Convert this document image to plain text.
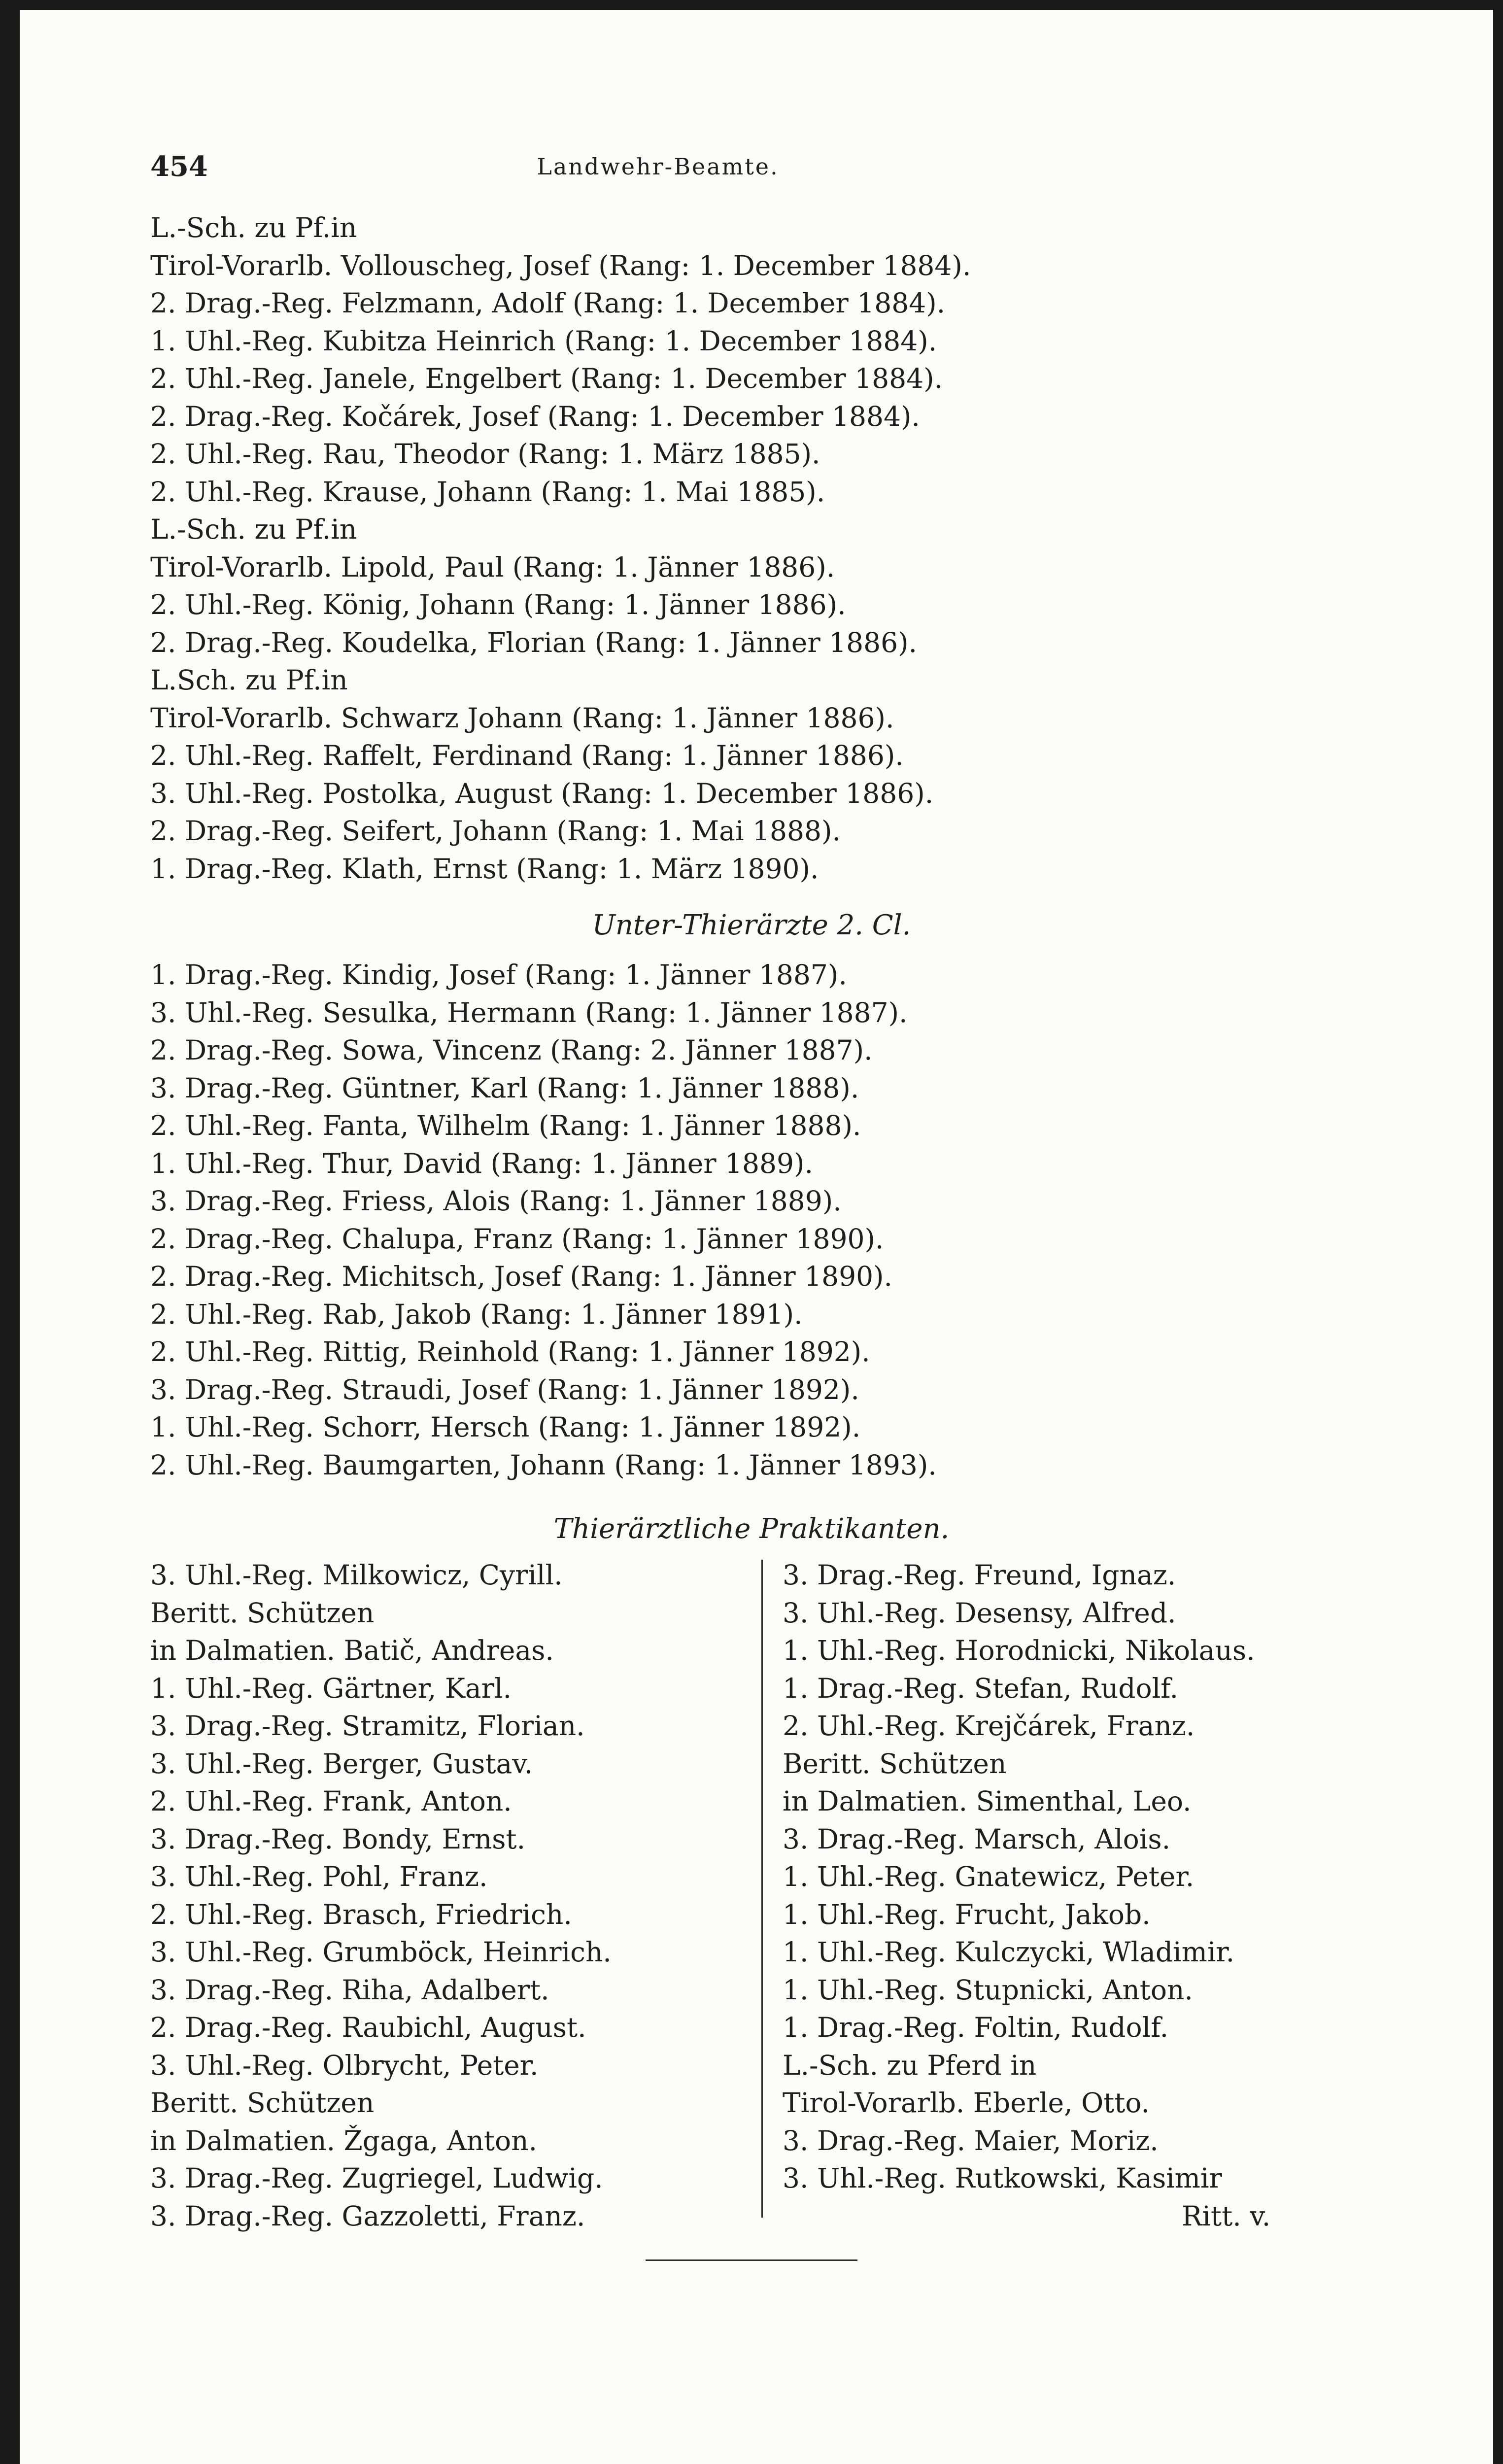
454	Landwehr-Beamte.
L.-Sch. zu Pf.in
Tirol-Vorarlb. Vollouscheg, Josef (Rang: 1. December 1884).
2. Drag.-Reg. Felzmann, Adolf (Rang: 1. December 1884).
1. Uhl.-Reg. Kubitza Heinrich (Rang: 1. December 1884).
2. Uhl.-Reg. Janele, Engelbert (Rang: 1. December 1884).
2. Drag.-Reg. Kočárek, Josef (Rang: 1. December 1884).
2. Uhl.-Reg. Rau, Theodor (Rang: 1. März 1885).
2. Uhl.-Reg. Krause, Johann (Rang: 1. Mai 1885).
L.-Sch. zu Pf.in
Tirol-Vorarlb. Lipold, Paul (Rang: 1. Jänner 1886).
2. Uhl.-Reg. König, Johann (Rang: 1. Jänner 1886).
2. Drag.-Reg. Koudelka, Florian (Rang: 1. Jänner 1886).
L.Sch. zu Pf.in
Tirol-Vorarlb. Schwarz Johann (Rang: 1. Jänner 1886).
2. Uhl.-Reg. Raffelt, Ferdinand (Rang: 1. Jänner 1886).
3. Uhl.-Reg. Postolka, August (Rang: 1. December 1886).
2. Drag.-Reg. Seifert, Johann (Rang: 1. Mai 1888).
1. Drag.-Reg. Klath, Ernst (Rang: 1. März 1890).
Unter-Thierärzte 2. Cl.
1. Drag.-Reg. Kindig, Josef (Rang: 1. Jänner 1887).
3. Uhl.-Reg. Sesulka, Hermann (Rang: 1. Jänner 1887).
2. Drag.-Reg. Sowa, Vincenz (Rang: 2. Jänner 1887).
3. Drag.-Reg. Güntner, Karl (Rang: 1. Jänner 1888).
2. Uhl.-Reg. Fanta, Wilhelm (Rang: 1. Jänner 1888).
1. Uhl.-Reg. Thur, David (Rang: 1. Jänner 1889).
3. Drag.-Reg. Friess, Alois (Rang: 1. Jänner 1889).
2. Drag.-Reg. Chalupa, Franz (Rang: 1. Jänner 1890).
2. Drag.-Reg. Michitsch, Josef (Rang: 1. Jänner 1890).
2. Uhl.-Reg. Rab, Jakob (Rang: 1. Jänner 1891).
2. Uhl.-Reg. Rittig, Reinhold (Rang: 1. Jänner 1892).
3. Drag.-Reg. Straudi, Josef (Rang: 1. Jänner 1892).
1. Uhl.-Reg. Schorr, Hersch (Rang: 1. Jänner 1892).
2. Uhl.-Reg. Baumgarten, Johann (Rang: 1. Jänner 1893).
Thierärztliche Praktikanten.
3. Uhl.-Reg. Milkowicz, Cyrill.
Beritt. Schützen
in Dalmatien. Batič, Andreas.
1. Uhl.-Reg. Gärtner, Karl.
3. Drag.-Reg. Stramitz, Florian.
3. Uhl.-Reg. Berger, Gustav.
2. Uhl.-Reg. Frank, Anton.
3. Drag.-Reg. Bondy, Ernst.
3. Uhl.-Reg. Pohl, Franz.
2. Uhl.-Reg. Brasch, Friedrich.
3. Uhl.-Reg. Grumböck, Heinrich.
3. Drag.-Reg. Riha, Adalbert.
2. Drag.-Reg. Raubichl, August.
3. Uhl.-Reg. Olbrycht, Peter.
Beritt. Schützen
in Dalmatien. Žgaga, Anton.
3. Drag.-Reg. Zugriegel, Ludwig.
3. Drag.-Reg. Gazzoletti, Franz.
3. Drag.-Reg. Freund, Ignaz.
3. Uhl.-Reg. Desensy, Alfred.
1. Uhl.-Reg. Horodnicki, Nikolaus.
1. Drag.-Reg. Stefan, Rudolf.
2. Uhl.-Reg. Krejčárek, Franz.
Beritt. Schützen
in Dalmatien. Simenthal, Leo.
3. Drag.-Reg. Marsch, Alois.
1. Uhl.-Reg. Gnatewicz, Peter.
1. Uhl.-Reg. Frucht, Jakob.
1. Uhl.-Reg. Kulczycki, Wladimir.
1. Uhl.-Reg. Stupnicki, Anton.
1. Drag.-Reg. Foltin, Rudolf.
L.-Sch. zu Pferd in
Tirol-Vorarlb. Eberle, Otto.
3. Drag.-Reg. Maier, Moriz.
3. Uhl.-Reg. Rutkowski, Kasimir
Ritt. v.
